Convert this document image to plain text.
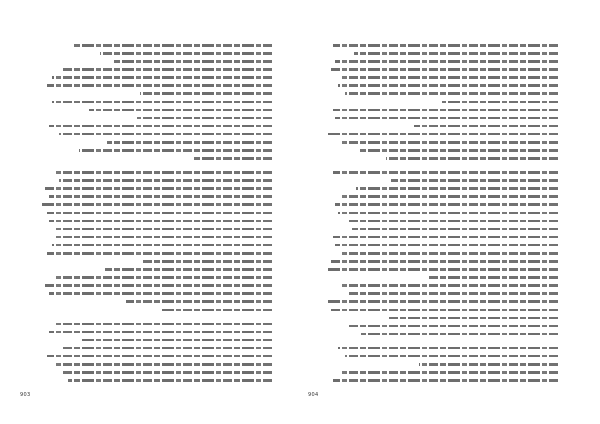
903	904
